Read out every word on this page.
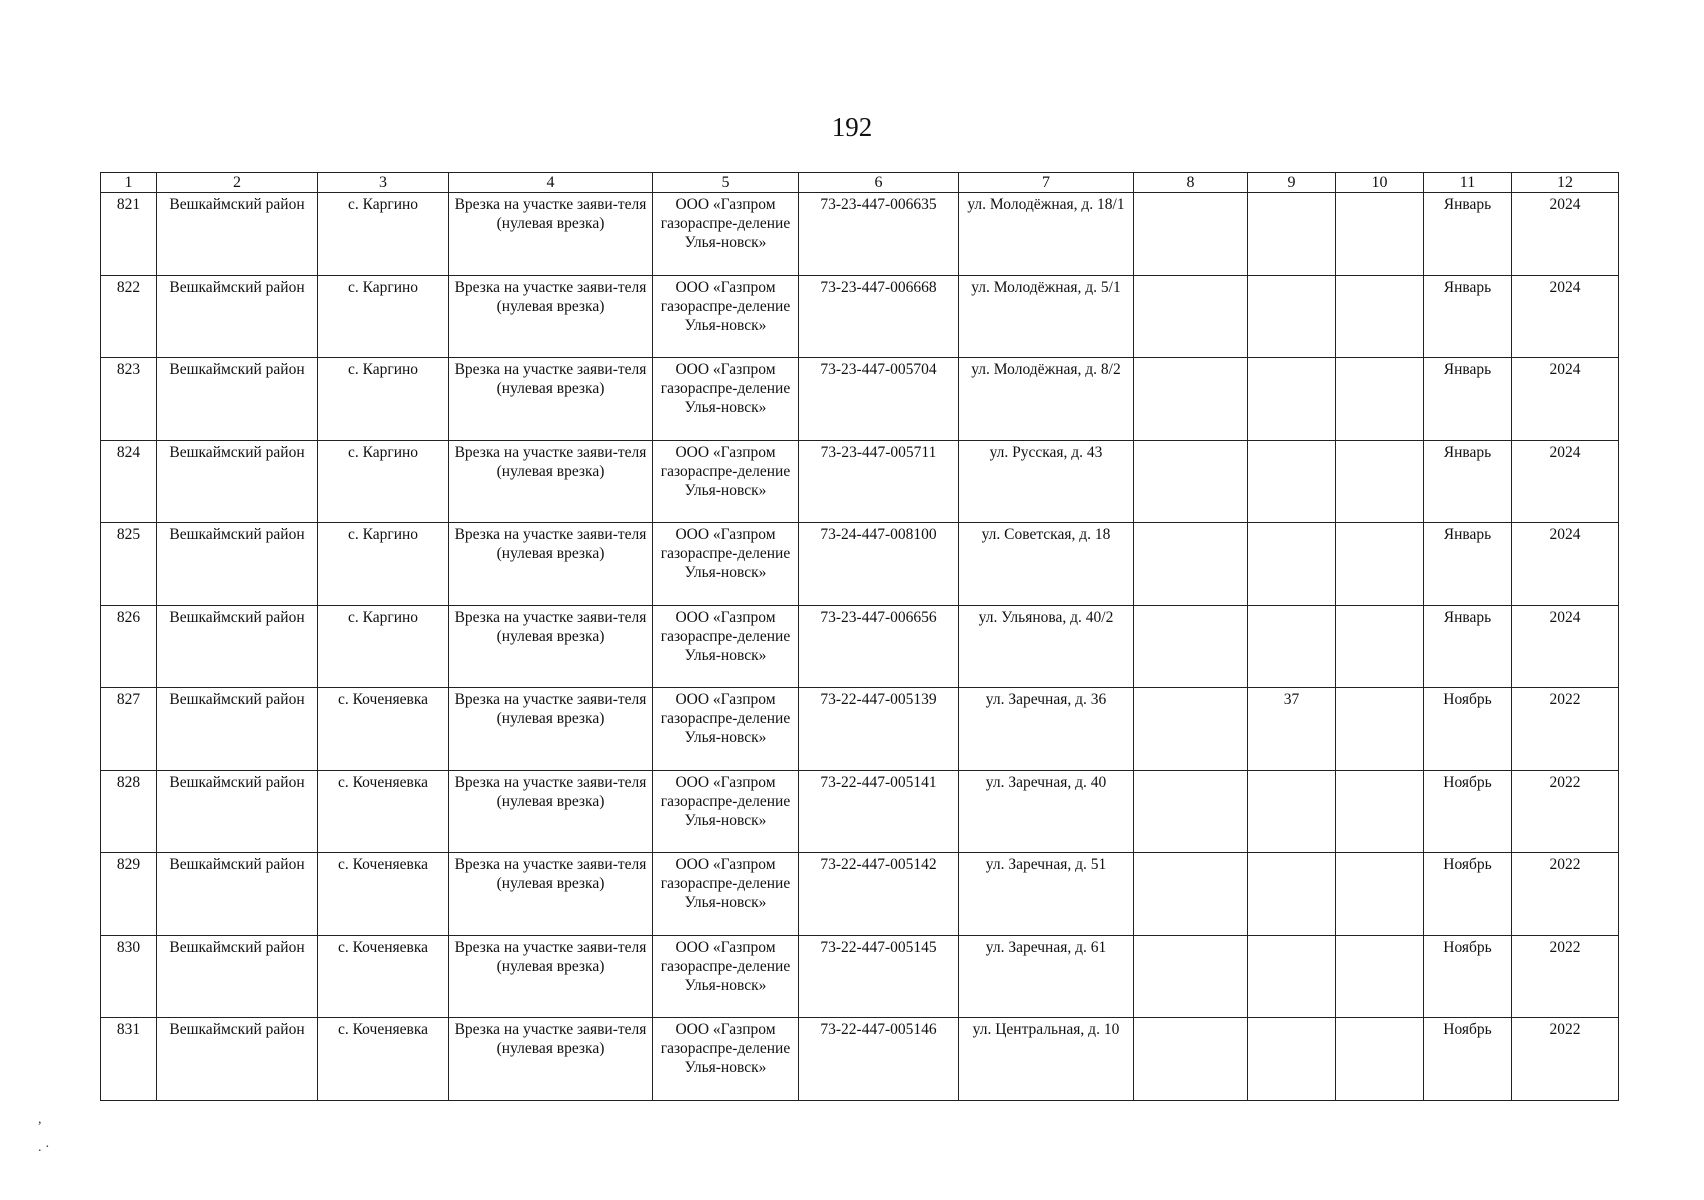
192
1	2	3	4	5	6	7	8	9	10	11	12
821	Вешкаймский район	с. Каргино	Врезка на участке заяви-теля (нулевая врезка)	ООО «Газпром газораспре-деление Улья-новск»	73-23-447-006635	ул. Молодёжная, д. 18/1				Январь	2024
822	Вешкаймский район	с. Каргино	Врезка на участке заяви-теля (нулевая врезка)	ООО «Газпром газораспре-деление Улья-новск»	73-23-447-006668	ул. Молодёжная, д. 5/1				Январь	2024
823	Вешкаймский район	с. Каргино	Врезка на участке заяви-теля (нулевая врезка)	ООО «Газпром газораспре-деление Улья-новск»	73-23-447-005704	ул. Молодёжная, д. 8/2				Январь	2024
824	Вешкаймский район	с. Каргино	Врезка на участке заяви-теля (нулевая врезка)	ООО «Газпром газораспре-деление Улья-новск»	73-23-447-005711	ул. Русская, д. 43				Январь	2024
825	Вешкаймский район	с. Каргино	Врезка на участке заяви-теля (нулевая врезка)	ООО «Газпром газораспре-деление Улья-новск»	73-24-447-008100	ул. Советская, д. 18				Январь	2024
826	Вешкаймский район	с. Каргино	Врезка на участке заяви-теля (нулевая врезка)	ООО «Газпром газораспре-деление Улья-новск»	73-23-447-006656	ул. Ульянова, д. 40/2				Январь	2024
827	Вешкаймский район	с. Коченяевка	Врезка на участке заяви-теля (нулевая врезка)	ООО «Газпром газораспре-деление Улья-новск»	73-22-447-005139	ул. Заречная, д. 36		37		Ноябрь	2022
828	Вешкаймский район	с. Коченяевка	Врезка на участке заяви-теля (нулевая врезка)	ООО «Газпром газораспре-деление Улья-новск»	73-22-447-005141	ул. Заречная, д. 40				Ноябрь	2022
829	Вешкаймский район	с. Коченяевка	Врезка на участке заяви-теля (нулевая врезка)	ООО «Газпром газораспре-деление Улья-новск»	73-22-447-005142	ул. Заречная, д. 51				Ноябрь	2022
830	Вешкаймский район	с. Коченяевка	Врезка на участке заяви-теля (нулевая врезка)	ООО «Газпром газораспре-деление Улья-новск»	73-22-447-005145	ул. Заречная, д. 61				Ноябрь	2022
831	Вешкаймский район	с. Коченяевка	Врезка на участке заяви-теля (нулевая врезка)	ООО «Газпром газораспре-деление Улья-новск»	73-22-447-005146	ул. Центральная, д. 10				Ноябрь	2022
,
. ·
